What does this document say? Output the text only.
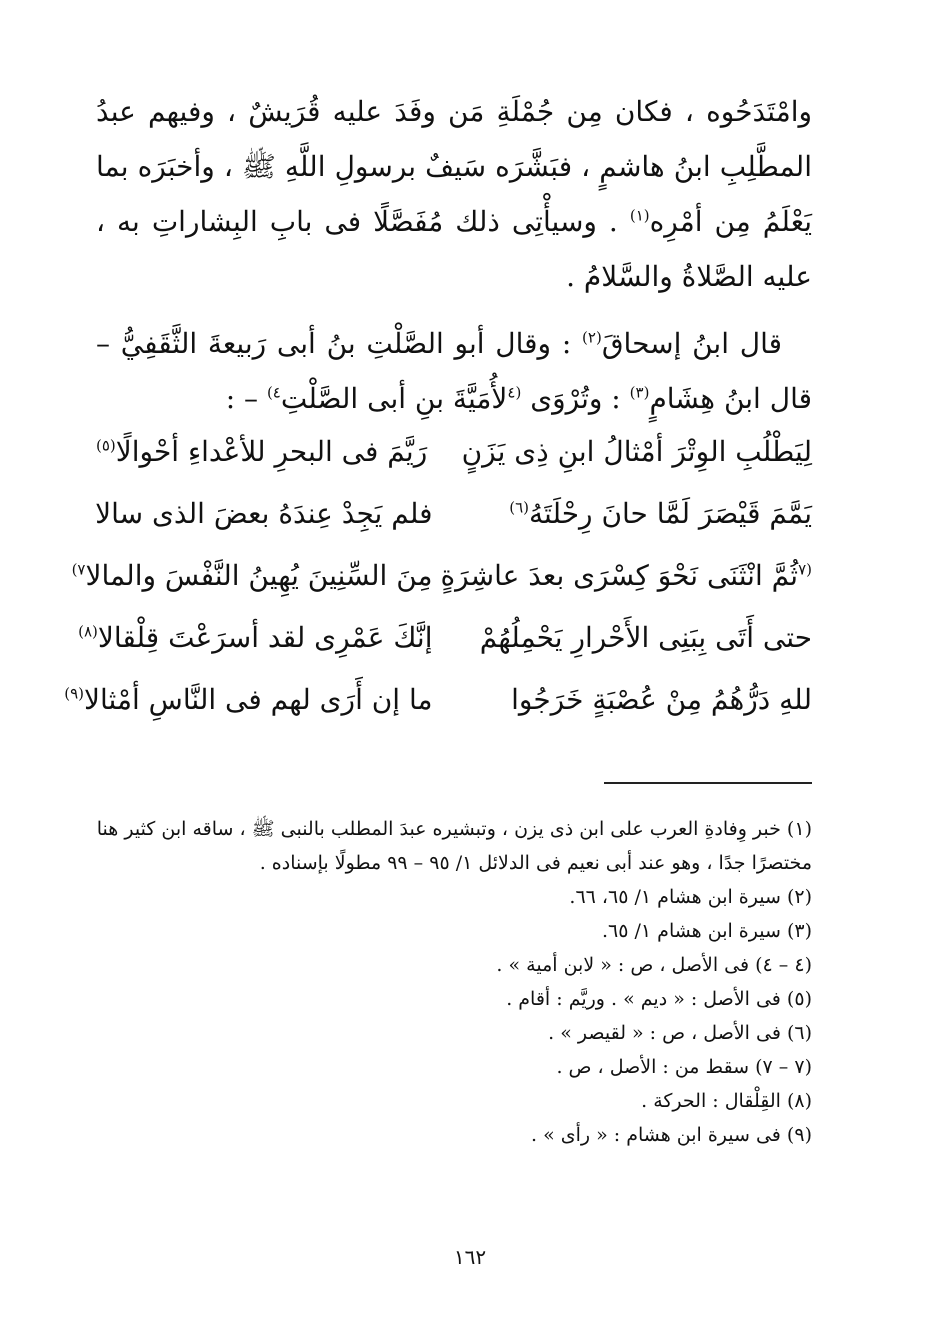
وامْتَدَحُوه ، فكان مِن جُمْلَةِ مَن وفَدَ عليه قُرَيشٌ ، وفيهم عبدُ المطَّلِبِ ابنُ هاشمٍ ، فبَشَّرَه سَيفٌ برسولِ اللَّهِ ﷺ ، وأخبَرَه بما يَعْلَمُ مِن أمْرِه$^{(١)}$ . وسيأْتِى ذلك مُفَصَّلًا فى بابِ البِشاراتِ به ، عليه الصَّلاةُ والسَّلامُ .

قال ابنُ إسحاقَ$^{(٢)}$ : وقال أبو الصَّلْتِ بنُ أبى رَبيعةَ الثَّقَفِيُّ – قال ابنُ هِشَامٍ$^{(٣)}$ : وتُرْوَى $^{(٤}$لأُمَيَّةَ بنِ أبى الصَّلْتِ$^{٤)}$ – :

لِيَطْلُبِ الوِتْرَ أمْثالُ ابنِ ذِى يَزَنٍ
رَيَّمَ فى البحرِ للأعْداءِ أحْوالًا$^{(٥)}$
يَمَّمَ قَيْصَرَ لَمَّا حانَ رِحْلَتَهُ$^{(٦)}$
فلم يَجِدْ عِندَهُ بعضَ الذى سالا
$^{(٧}$ثُمَّ انْثَنَى نَحْوَ كِسْرَى بعدَ عاشِرَةٍ
مِنَ السِّنِينَ يُهِينُ النَّفْسَ والمالا$^{٧)}$
حتى أَتَى بِبَنِى الأَحْرارِ يَحْمِلُهُمْ
إنَّكَ عَمْرِى لقد أسرَعْتَ قِلْقالا$^{(٨)}$
للهِ دَرُّهُمُ مِنْ عُصْبَةٍ خَرَجُوا
ما إن أَرَى لهم فى النَّاسِ أمْثالا$^{(٩)}$

(١) خبر وِفادةِ العرب على ابن ذى يزن ، وتبشيره عبدَ المطلب بالنبى ﷺ ، ساقه ابن كثير هنا مختصرًا جدًا ، وهو عند أبى نعيم فى الدلائل ١/ ٩٥ – ٩٩ مطولًا بإسناده .

(٢) سيرة ابن هشام ١/ ٦٥، ٦٦.

(٣) سيرة ابن هشام ١/ ٦٥.

(٤ – ٤) فى الأصل ، ص : « لابن أمية » .

(٥) فى الأصل : « ديم » . وريَّم : أقام .

(٦) فى الأصل ، ص : « لقيصر » .

(٧ – ٧) سقط من : الأصل ، ص .

(٨) القِلْقال : الحركة .

(٩) فى سيرة ابن هشام : « رأى » .

١٦٢
